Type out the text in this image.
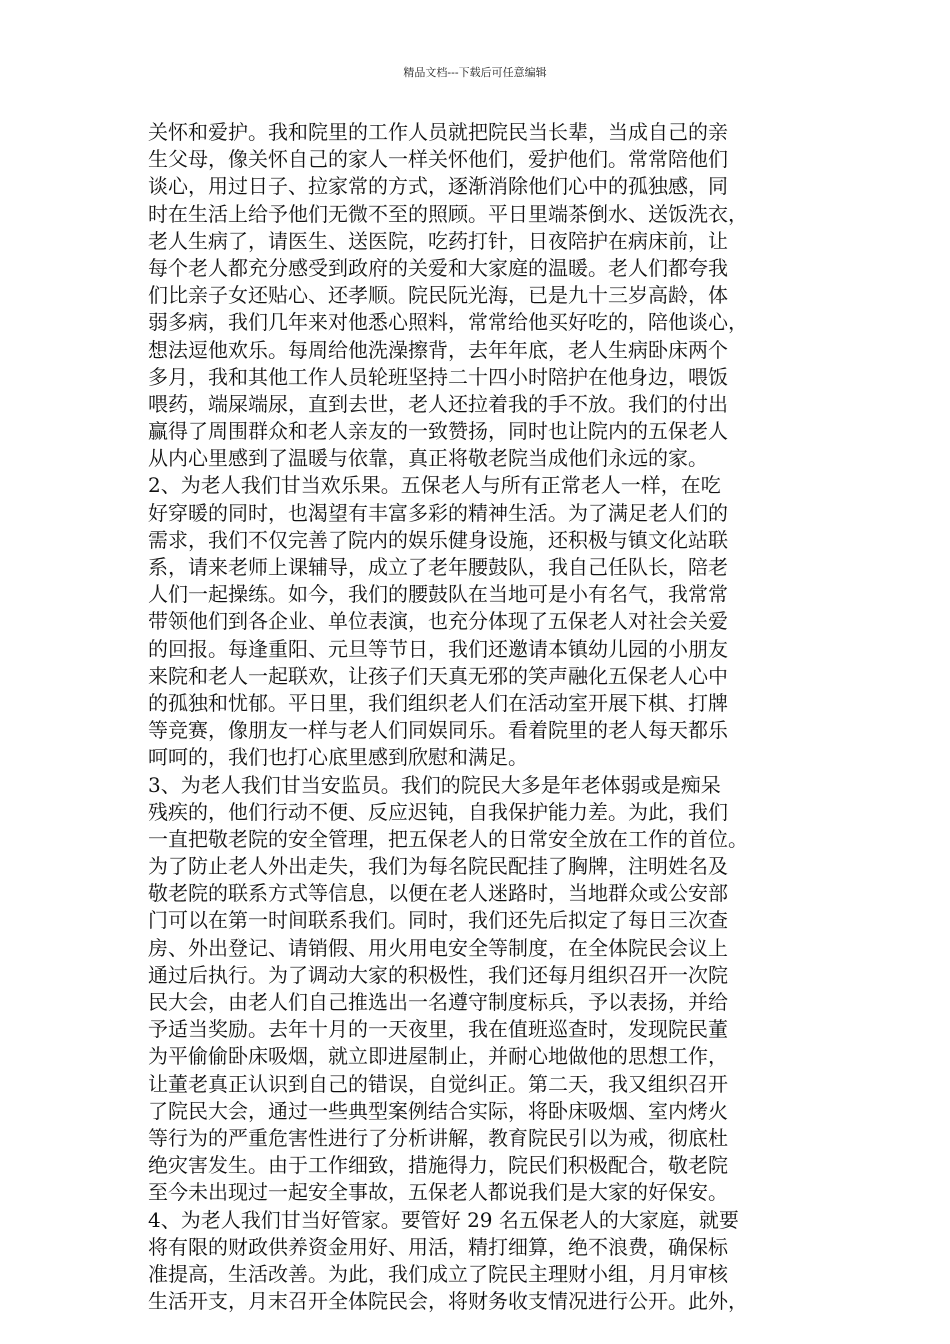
精品文档---下载后可任意编辑
关怀和爱护。我和院里的工作人员就把院民当长辈，当成自己的亲
生父母，像关怀自己的家人一样关怀他们，爱护他们。常常陪他们
谈心，用过日子、拉家常的方式，逐渐消除他们心中的孤独感，同
时在生活上给予他们无微不至的照顾。平日里端茶倒水、送饭洗衣，
老人生病了，请医生、送医院，吃药打针，日夜陪护在病床前，让
每个老人都充分感受到政府的关爱和大家庭的温暖。老人们都夸我
们比亲子女还贴心、还孝顺。院民阮光海，已是九十三岁高龄，体
弱多病，我们几年来对他悉心照料，常常给他买好吃的，陪他谈心，
想法逗他欢乐。每周给他洗澡擦背，去年年底，老人生病卧床两个
多月，我和其他工作人员轮班坚持二十四小时陪护在他身边，喂饭
喂药，端屎端尿，直到去世，老人还拉着我的手不放。我们的付出
赢得了周围群众和老人亲友的一致赞扬，同时也让院内的五保老人
从内心里感到了温暖与依靠，真正将敬老院当成他们永远的家。
2、为老人我们甘当欢乐果。五保老人与所有正常老人一样，在吃
好穿暖的同时，也渴望有丰富多彩的精神生活。为了满足老人们的
需求，我们不仅完善了院内的娱乐健身设施，还积极与镇文化站联
系，请来老师上课辅导，成立了老年腰鼓队，我自己任队长，陪老
人们一起操练。如今，我们的腰鼓队在当地可是小有名气，我常常
带领他们到各企业、单位表演，也充分体现了五保老人对社会关爱
的回报。每逢重阳、元旦等节日，我们还邀请本镇幼儿园的小朋友
来院和老人一起联欢，让孩子们天真无邪的笑声融化五保老人心中
的孤独和忧郁。平日里，我们组织老人们在活动室开展下棋、打牌
等竞赛，像朋友一样与老人们同娱同乐。看着院里的老人每天都乐
呵呵的，我们也打心底里感到欣慰和满足。
3、为老人我们甘当安监员。我们的院民大多是年老体弱或是痴呆
残疾的，他们行动不便、反应迟钝，自我保护能力差。为此，我们
一直把敬老院的安全管理，把五保老人的日常安全放在工作的首位。
为了防止老人外出走失，我们为每名院民配挂了胸牌，注明姓名及
敬老院的联系方式等信息，以便在老人迷路时，当地群众或公安部
门可以在第一时间联系我们。同时，我们还先后拟定了每日三次查
房、外出登记、请销假、用火用电安全等制度，在全体院民会议上
通过后执行。为了调动大家的积极性，我们还每月组织召开一次院
民大会，由老人们自己推选出一名遵守制度标兵，予以表扬，并给
予适当奖励。去年十月的一天夜里，我在值班巡查时，发现院民董
为平偷偷卧床吸烟，就立即进屋制止，并耐心地做他的思想工作，
让董老真正认识到自己的错误，自觉纠正。第二天，我又组织召开
了院民大会，通过一些典型案例结合实际，将卧床吸烟、室内烤火
等行为的严重危害性进行了分析讲解，教育院民引以为戒，彻底杜
绝灾害发生。由于工作细致，措施得力，院民们积极配合，敬老院
至今未出现过一起安全事故，五保老人都说我们是大家的好保安。
4、为老人我们甘当好管家。要管好 29 名五保老人的大家庭，就要
将有限的财政供养资金用好、用活，精打细算，绝不浪费，确保标
准提高，生活改善。为此，我们成立了院民主理财小组，月月审核
生活开支，月末召开全体院民会，将财务收支情况进行公开。此外，
